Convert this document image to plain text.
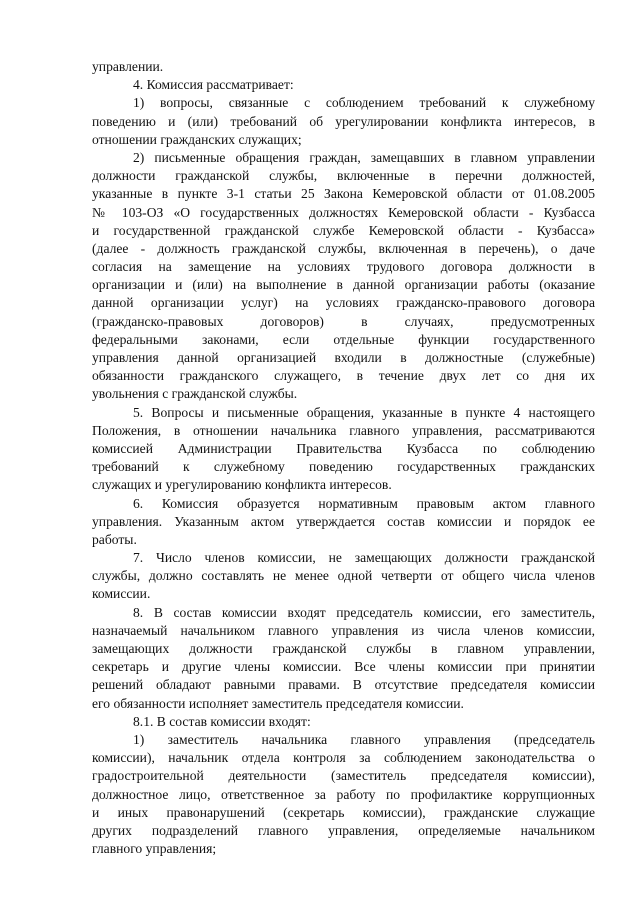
управлении.
4. Комиссия рассматривает:
1) вопросы, связанные с соблюдением требований к служебному
поведению и (или) требований об урегулировании конфликта интересов, в
отношении гражданских служащих;
2) письменные обращения граждан, замещавших в главном управлении
должности гражданской службы, включенные в перечни должностей,
указанные в пункте 3-1 статьи 25 Закона Кемеровской области от 01.08.2005
№ 103-ОЗ «О государственных должностях Кемеровской области - Кузбасса
и государственной гражданской службе Кемеровской области - Кузбасса»
(далее - должность гражданской службы, включенная в перечень), о даче
согласия на замещение на условиях трудового договора должности в
организации и (или) на выполнение в данной организации работы (оказание
данной организации услуг) на условиях гражданско-правового договора
(гражданско-правовых договоров) в случаях, предусмотренных
федеральными законами, если отдельные функции государственного
управления данной организацией входили в должностные (служебные)
обязанности гражданского служащего, в течение двух лет со дня их
увольнения с гражданской службы.
5. Вопросы и письменные обращения, указанные в пункте 4 настоящего
Положения, в отношении начальника главного управления, рассматриваются
комиссией Администрации Правительства Кузбасса по соблюдению
требований к служебному поведению государственных гражданских
служащих и урегулированию конфликта интересов.
6. Комиссия образуется нормативным правовым актом главного
управления. Указанным актом утверждается состав комиссии и порядок ее
работы.
7. Число членов комиссии, не замещающих должности гражданской
службы, должно составлять не менее одной четверти от общего числа членов
комиссии.
8. В состав комиссии входят председатель комиссии, его заместитель,
назначаемый начальником главного управления из числа членов комиссии,
замещающих должности гражданской службы в главном управлении,
секретарь и другие члены комиссии. Все члены комиссии при принятии
решений обладают равными правами. В отсутствие председателя комиссии
его обязанности исполняет заместитель председателя комиссии.
8.1. В состав комиссии входят:
1) заместитель начальника главного управления (председатель
комиссии), начальник отдела контроля за соблюдением законодательства о
градостроительной деятельности (заместитель председателя комиссии),
должностное лицо, ответственное за работу по профилактике коррупционных
и иных правонарушений (секретарь комиссии), гражданские служащие
других подразделений главного управления, определяемые начальником
главного управления;
